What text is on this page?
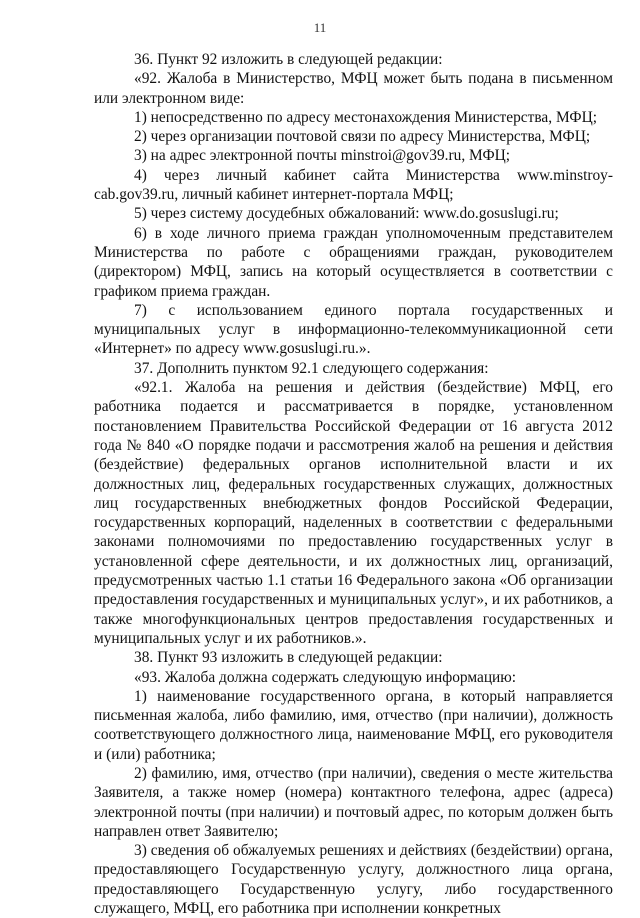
11

36. Пункт 92 изложить в следующей редакции:

«92. Жалоба в Министерство, МФЦ может быть подана в письменном или электронном виде:

1) непосредственно по адресу местонахождения Министерства, МФЦ;

2) через организации почтовой связи по адресу Министерства, МФЦ;

3) на адрес электронной почты minstroi@gov39.ru, МФЦ;

4) через личный кабинет сайта Министерства www.minstroy-cab.gov39.ru, личный кабинет интернет-портала МФЦ;

5) через систему досудебных обжалований: www.do.gosuslugi.ru;

6) в ходе личного приема граждан уполномоченным представителем Министерства по работе с обращениями граждан, руководителем (директором) МФЦ, запись на который осуществляется в соответствии с графиком приема граждан.

7) с использованием единого портала государственных и муниципальных услуг в информационно-телекоммуникационной сети «Интернет» по адресу www.gosuslugi.ru.».

37. Дополнить пунктом 92.1 следующего содержания:

«92.1. Жалоба на решения и действия (бездействие) МФЦ, его работника подается и рассматривается в порядке, установленном постановлением Правительства Российской Федерации от 16 августа 2012 года № 840 «О порядке подачи и рассмотрения жалоб на решения и действия (бездействие) федеральных органов исполнительной власти и их должностных лиц, федеральных государственных служащих, должностных лиц государственных внебюджетных фондов Российской Федерации, государственных корпораций, наделенных в соответствии с федеральными законами полномочиями по предоставлению государственных услуг в установленной сфере деятельности, и их должностных лиц, организаций, предусмотренных частью 1.1 статьи 16 Федерального закона «Об организации предоставления государственных и муниципальных услуг», и их работников, а также многофункциональных центров предоставления государственных и муниципальных услуг и их работников.».

38. Пункт 93 изложить в следующей редакции:

«93. Жалоба должна содержать следующую информацию:

1) наименование государственного органа, в который направляется письменная жалоба, либо фамилию, имя, отчество (при наличии), должность соответствующего должностного лица, наименование МФЦ, его руководителя и (или) работника;

2) фамилию, имя, отчество (при наличии), сведения о месте жительства Заявителя, а также номер (номера) контактного телефона, адрес (адреса) электронной почты (при наличии) и почтовый адрес, по которым должен быть направлен ответ Заявителю;

3) сведения об обжалуемых решениях и действиях (бездействии) органа, предоставляющего Государственную услугу, должностного лица органа, предоставляющего Государственную услугу, либо государственного служащего, МФЦ, его работника при исполнении конкретных
